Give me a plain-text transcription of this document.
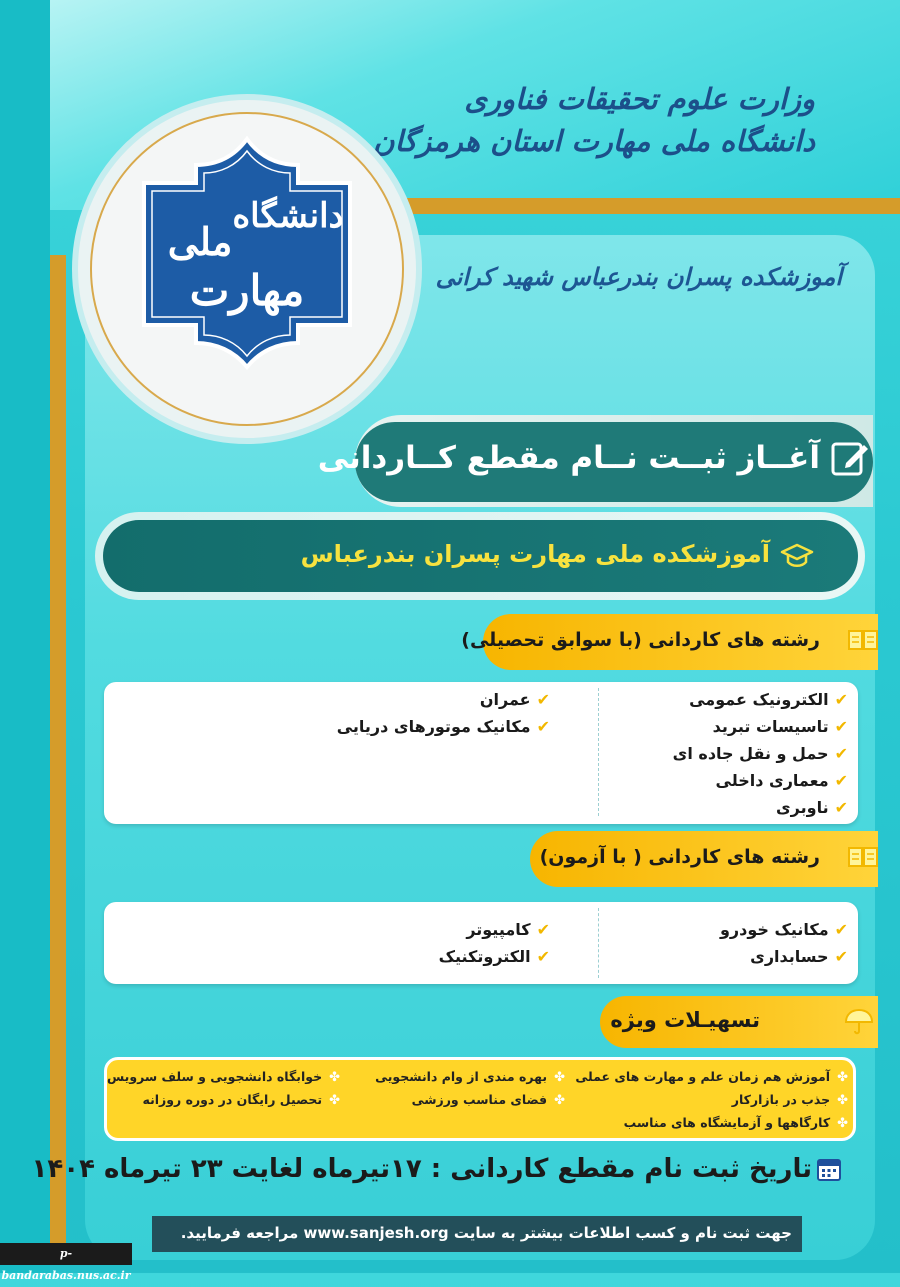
وزارت علوم تحقیقات فناوری
دانشگاه ملی مهارت استان هرمزگان
آموزشکده پسران بندرعباس شهید کرانی
دانشگاه
ملی
مهارت
آغــاز ثبــت نــام مقطع کــاردانی
آموزشکده ملی مهارت پسران بندرعباس
رشته های کاردانی (با سوابق تحصیلی)
✔الکترونیک عمومی
✔تاسیسات تبرید
✔حمل و نقل جاده ای
✔معماری داخلی
✔ناوبری
✔عمران
✔مکانیک موتورهای دریایی
رشته های کاردانی ( با آزمون)
✔مکانیک خودرو
✔حسابداری
✔کامپیوتر
✔الکتروتکنیک
تسهیـلات ویژه
✤آموزش هم زمان علم و مهارت های عملی
✤جذب در بازارکار
✤کارگاهها و آزمایشگاه های مناسب
✤بهره مندی از وام دانشجویی
✤فضای مناسب ورزشی
✤خوابگاه دانشجویی و سلف سرویس
✤تحصیل رایگان در دوره روزانه
تاریخ ثبت نام مقطع کاردانی : ۱۷تیرماه لغایت ۲۳ تیرماه ۱۴۰۴
جهت ثبت نام و کسب اطلاعات بیشتر به سایت www.sanjesh.org مراجعه فرمایید.
p-bandarabas.nus.ac.ir
